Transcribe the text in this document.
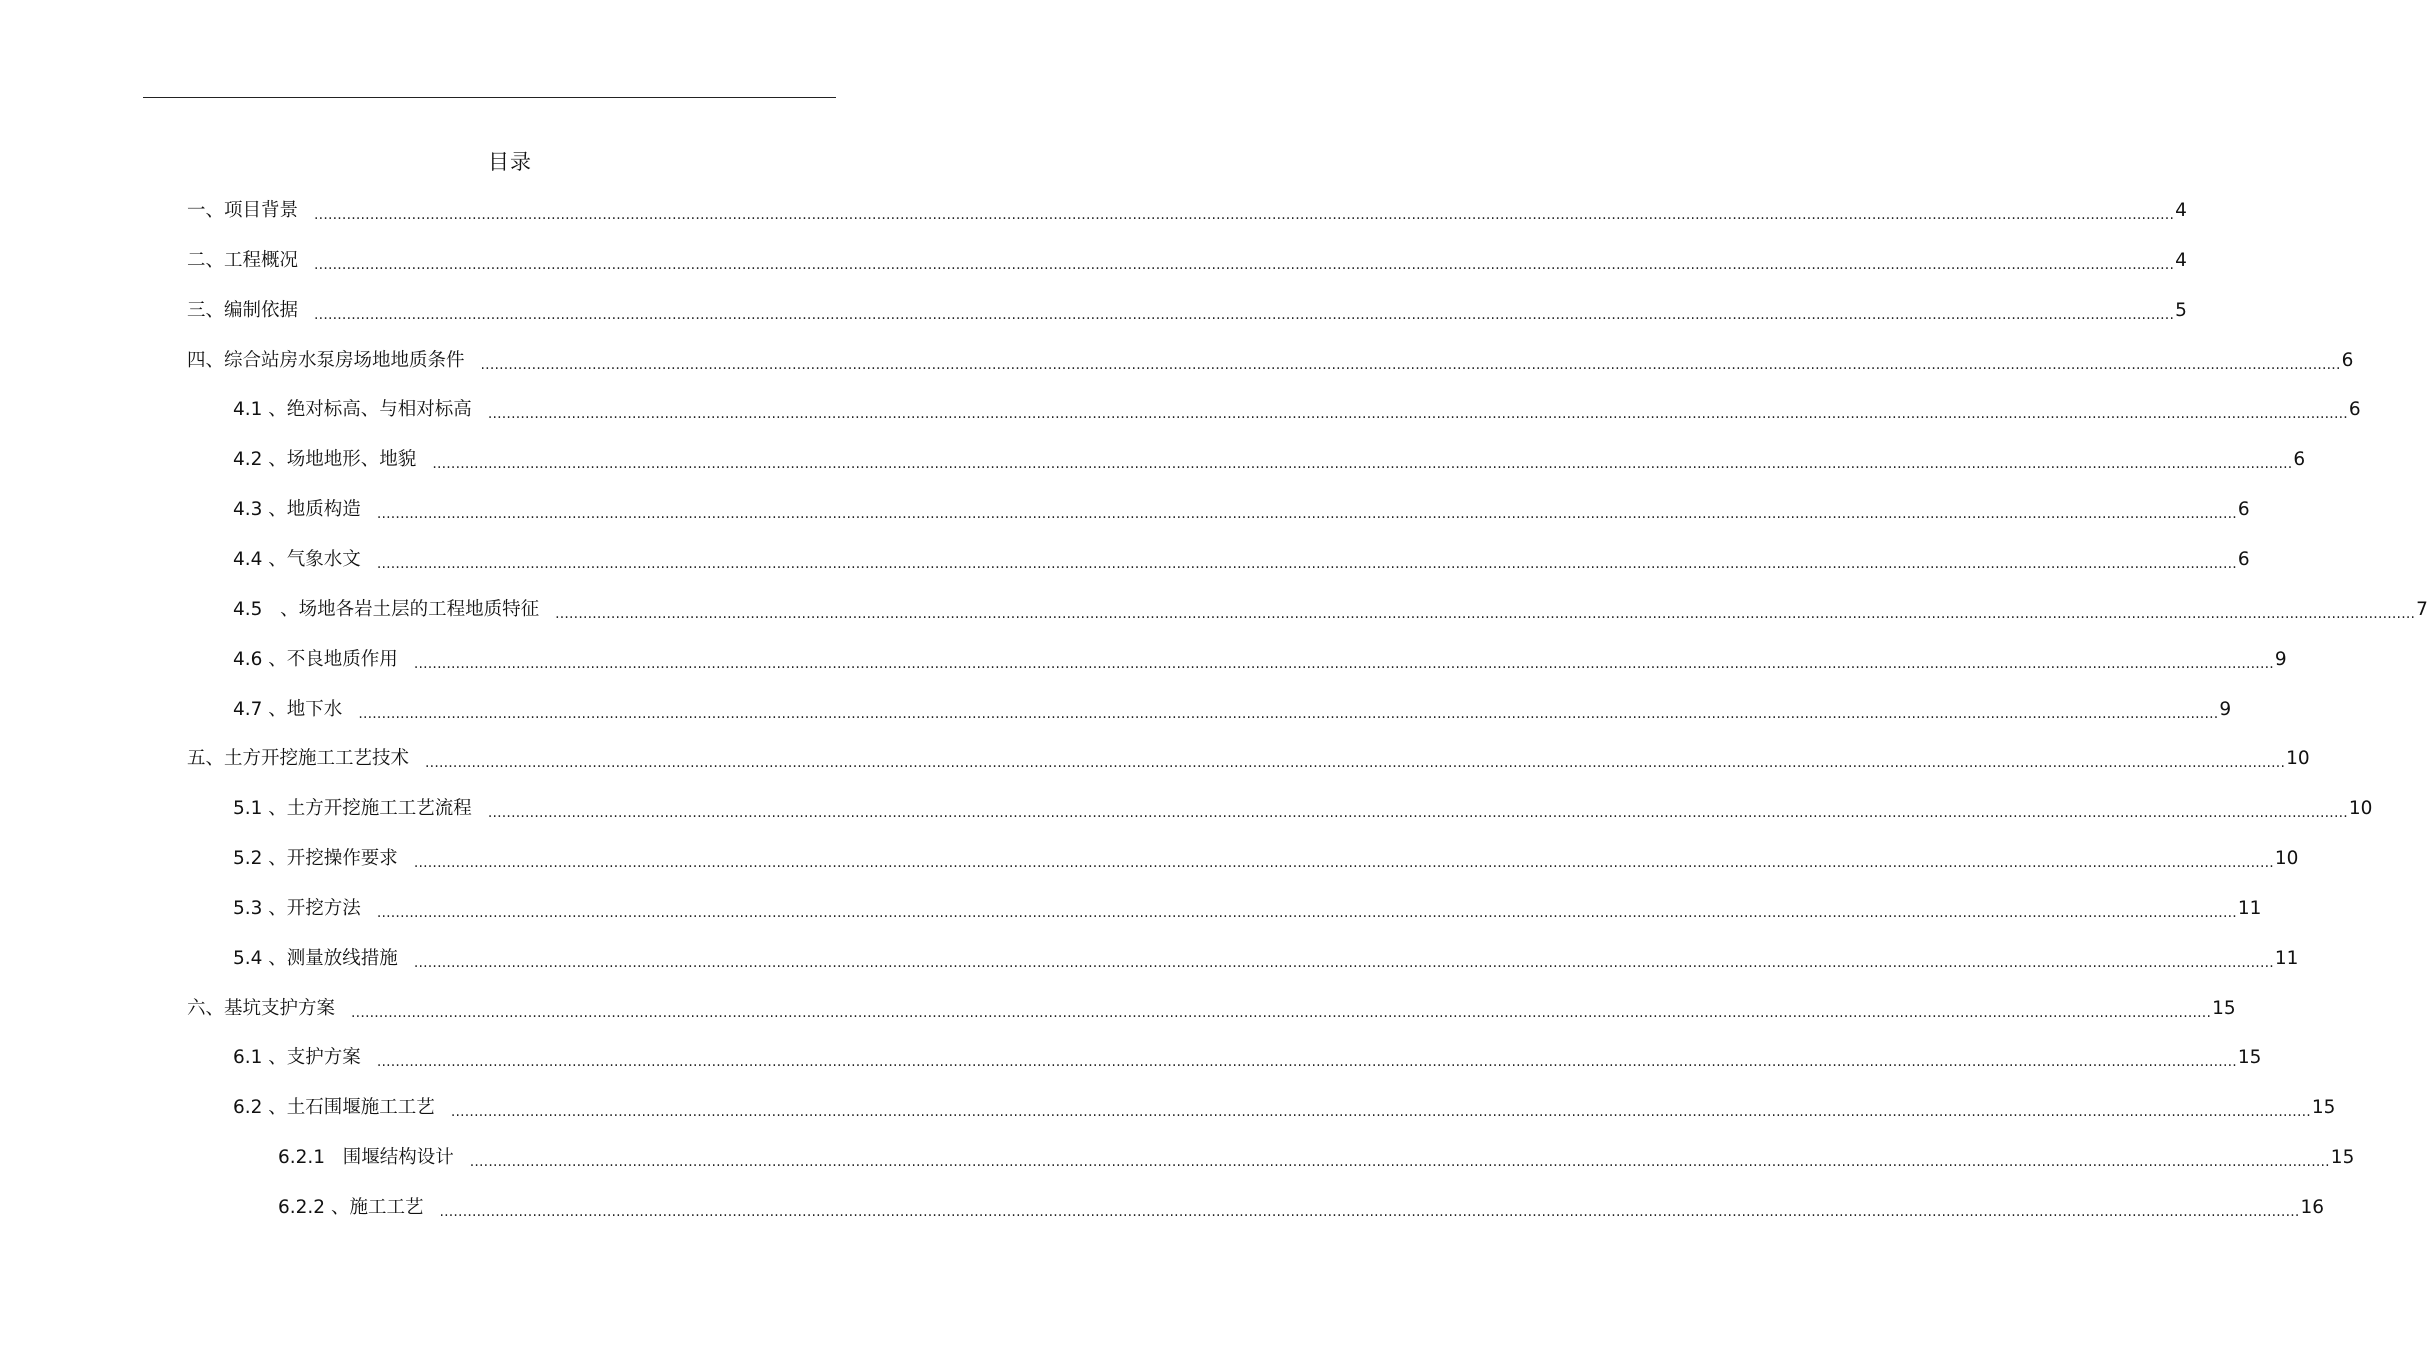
目录
一、项目背景 ................................................................................................................................................................................................................................................................................................................................................................................................................ 4
二、工程概况 ................................................................................................................................................................................................................................................................................................................................................................................................................ 4
三、编制依据 ................................................................................................................................................................................................................................................................................................................................................................................................................ 5
四、综合站房水泵房场地地质条件 ................................................................................................................................................................................................................................................................................................................................................................................................................ 6
4.1 、绝对标高、与相对标高 ................................................................................................................................................................................................................................................................................................................................................................................................................ 6
4.2 、场地地形、地貌 ................................................................................................................................................................................................................................................................................................................................................................................................................ 6
4.3 、地质构造 ................................................................................................................................................................................................................................................................................................................................................................................................................ 6
4.4 、气象水文 ................................................................................................................................................................................................................................................................................................................................................................................................................ 6
4.5   、场地各岩土层的工程地质特征 ................................................................................................................................................................................................................................................................................................................................................................................................................ 7
4.6 、不良地质作用 ................................................................................................................................................................................................................................................................................................................................................................................................................ 9
4.7 、地下水 ................................................................................................................................................................................................................................................................................................................................................................................................................ 9
五、土方开挖施工工艺技术 ................................................................................................................................................................................................................................................................................................................................................................................................................ 10
5.1 、土方开挖施工工艺流程 ................................................................................................................................................................................................................................................................................................................................................................................................................ 10
5.2 、开挖操作要求 ................................................................................................................................................................................................................................................................................................................................................................................................................ 10
5.3 、开挖方法 ................................................................................................................................................................................................................................................................................................................................................................................................................ 11
5.4 、测量放线措施 ................................................................................................................................................................................................................................................................................................................................................................................................................ 11
六、基坑支护方案 ................................................................................................................................................................................................................................................................................................................................................................................................................ 15
6.1 、支护方案 ................................................................................................................................................................................................................................................................................................................................................................................................................ 15
6.2 、土石围堰施工工艺 ................................................................................................................................................................................................................................................................................................................................................................................................................ 15
6.2.1   围堰结构设计 ................................................................................................................................................................................................................................................................................................................................................................................................................ 15
6.2.2 、施工工艺 ................................................................................................................................................................................................................................................................................................................................................................................................................ 16
